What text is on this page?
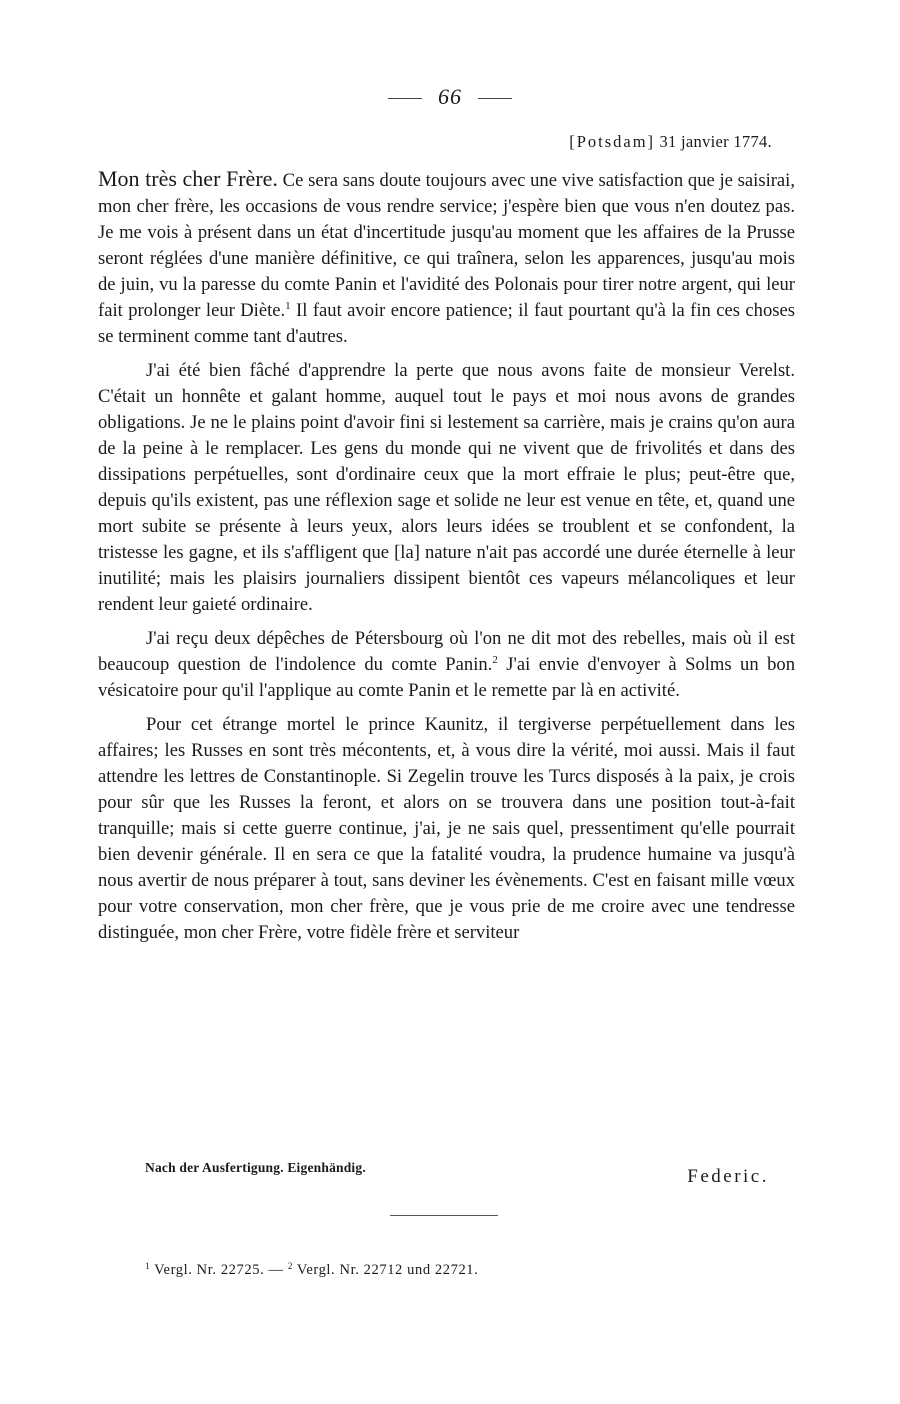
66
[Potsdam] 31 janvier 1774.

Mon très cher Frère. Ce sera sans doute toujours avec une vive satisfaction que je saisirai, mon cher frère, les occasions de vous rendre service; j'espère bien que vous n'en doutez pas. Je me vois à présent dans un état d'incertitude jusqu'au moment que les affaires de la Prusse seront réglées d'une manière définitive, ce qui traînera, selon les apparences, jusqu'au mois de juin, vu la paresse du comte Panin et l'avidité des Polonais pour tirer notre argent, qui leur fait prolonger leur Diète.$^1$ Il faut avoir encore patience; il faut pourtant qu'à la fin ces choses se terminent comme tant d'autres.

J'ai été bien fâché d'apprendre la perte que nous avons faite de monsieur Verelst. C'était un honnête et galant homme, auquel tout le pays et moi nous avons de grandes obligations. Je ne le plains point d'avoir fini si lestement sa carrière, mais je crains qu'on aura de la peine à le remplacer. Les gens du monde qui ne vivent que de frivolités et dans des dissipations perpétuelles, sont d'ordinaire ceux que la mort effraie le plus; peut-être que, depuis qu'ils existent, pas une réflexion sage et solide ne leur est venue en tête, et, quand une mort subite se présente à leurs yeux, alors leurs idées se troublent et se confondent, la tristesse les gagne, et ils s'affligent que [la] nature n'ait pas accordé une durée éternelle à leur inutilité; mais les plaisirs journaliers dissipent bientôt ces vapeurs mélancoliques et leur rendent leur gaieté ordinaire.

J'ai reçu deux dépêches de Pétersbourg où l'on ne dit mot des rebelles, mais où il est beaucoup question de l'indolence du comte Panin.$^2$ J'ai envie d'envoyer à Solms un bon vésicatoire pour qu'il l'applique au comte Panin et le remette par là en activité.

Pour cet étrange mortel le prince Kaunitz, il tergiverse perpétuellement dans les affaires; les Russes en sont très mécontents, et, à vous dire la vérité, moi aussi. Mais il faut attendre les lettres de Constantinople. Si Zegelin trouve les Turcs disposés à la paix, je crois pour sûr que les Russes la feront, et alors on se trouvera dans une position tout-à-fait tranquille; mais si cette guerre continue, j'ai, je ne sais quel, pressentiment qu'elle pourrait bien devenir générale. Il en sera ce que la fatalité voudra, la prudence humaine va jusqu'à nous avertir de nous préparer à tout, sans deviner les évènements. C'est en faisant mille vœux pour votre conservation, mon cher frère, que je vous prie de me croire avec une tendresse distinguée, mon cher Frère, votre fidèle frère et serviteur

Nach der Ausfertigung. Eigenhändig.	Federic.
$^1$ Vergl. Nr. 22725. — $^2$ Vergl. Nr. 22712 und 22721.
